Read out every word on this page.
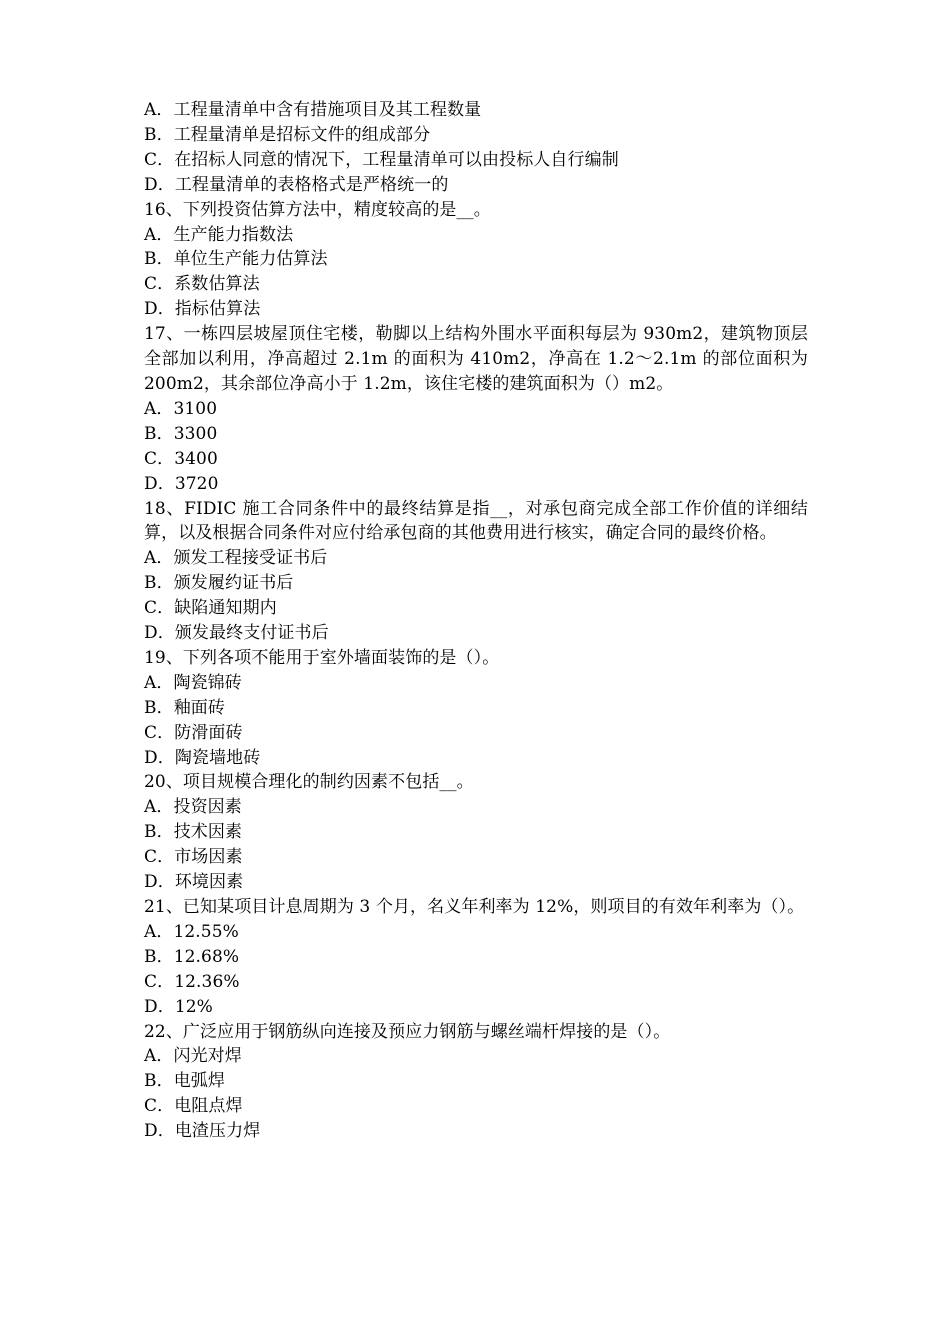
A．工程量清单中含有措施项目及其工程数量
B．工程量清单是招标文件的组成部分
C．在招标人同意的情况下，工程量清单可以由投标人自行编制
D．工程量清单的表格格式是严格统一的
16、下列投资估算方法中，精度较高的是__。
A．生产能力指数法
B．单位生产能力估算法
C．系数估算法
D．指标估算法
17、一栋四层坡屋顶住宅楼，勒脚以上结构外围水平面积每层为 930m2，建筑物顶层全部加以利用，净高超过 2.1m 的面积为 410m2，净高在 1.2～2.1m 的部位面积为 200m2，其余部位净高小于 1.2m，该住宅楼的建筑面积为（）m2。
A．3100
B．3300
C．3400
D．3720
18、FIDIC 施工合同条件中的最终结算是指__，对承包商完成全部工作价值的详细结算，以及根据合同条件对应付给承包商的其他费用进行核实，确定合同的最终价格。
A．颁发工程接受证书后
B．颁发履约证书后
C．缺陷通知期内
D．颁发最终支付证书后
19、下列各项不能用于室外墙面装饰的是（）。
A．陶瓷锦砖
B．釉面砖
C．防滑面砖
D．陶瓷墙地砖
20、项目规模合理化的制约因素不包括__。
A．投资因素
B．技术因素
C．市场因素
D．环境因素
21、已知某项目计息周期为 3 个月，名义年利率为 12%，则项目的有效年利率为（）。
A．12.55%
B．12.68%
C．12.36%
D．12%
22、广泛应用于钢筋纵向连接及预应力钢筋与螺丝端杆焊接的是（）。
A．闪光对焊
B．电弧焊
C．电阻点焊
D．电渣压力焊
